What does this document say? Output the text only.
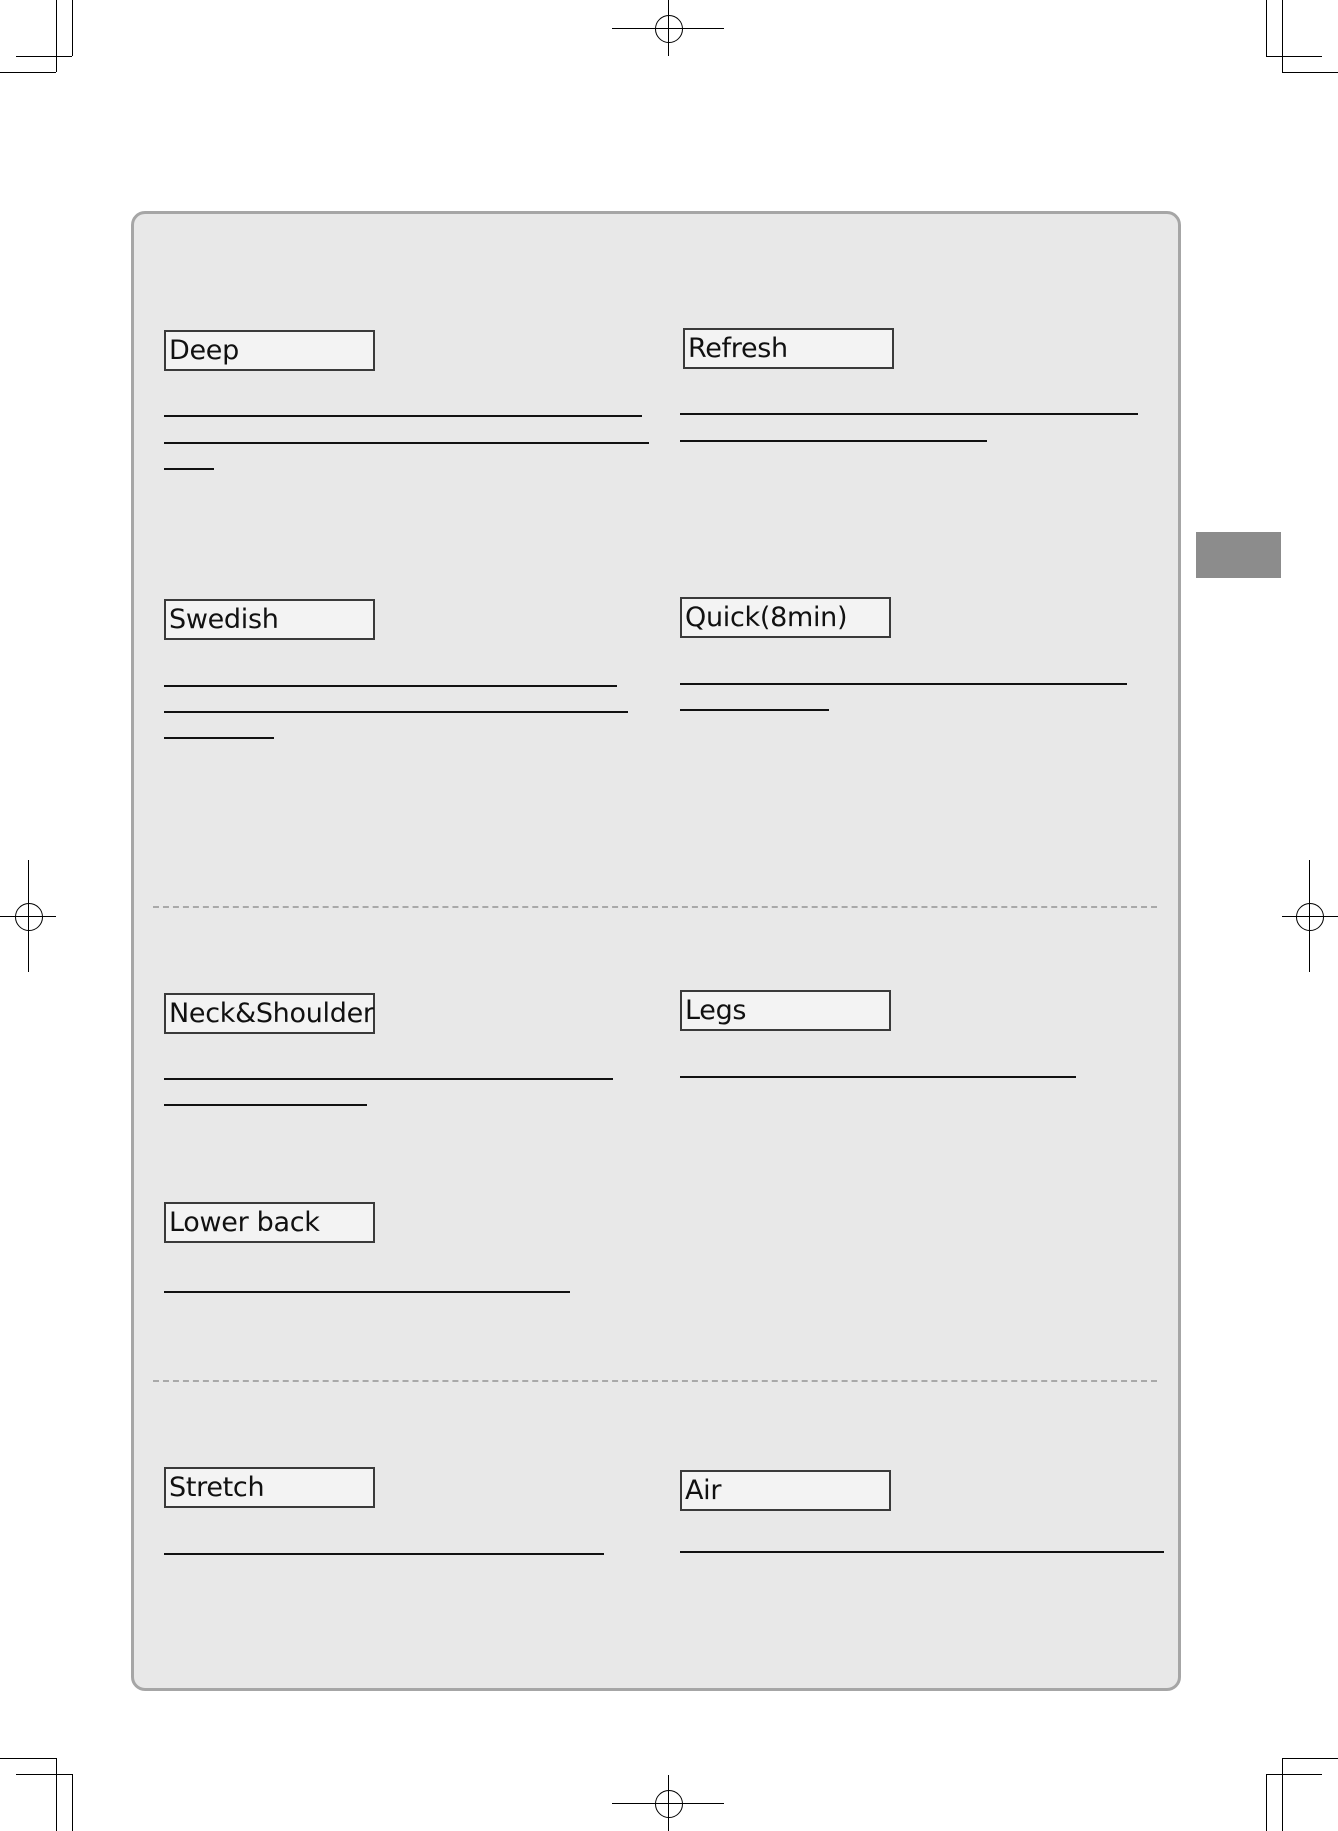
Deep	Refresh
Swedish	Quick(8min)
Neck&Shoulder	Legs
Lower back
Stretch	Air
